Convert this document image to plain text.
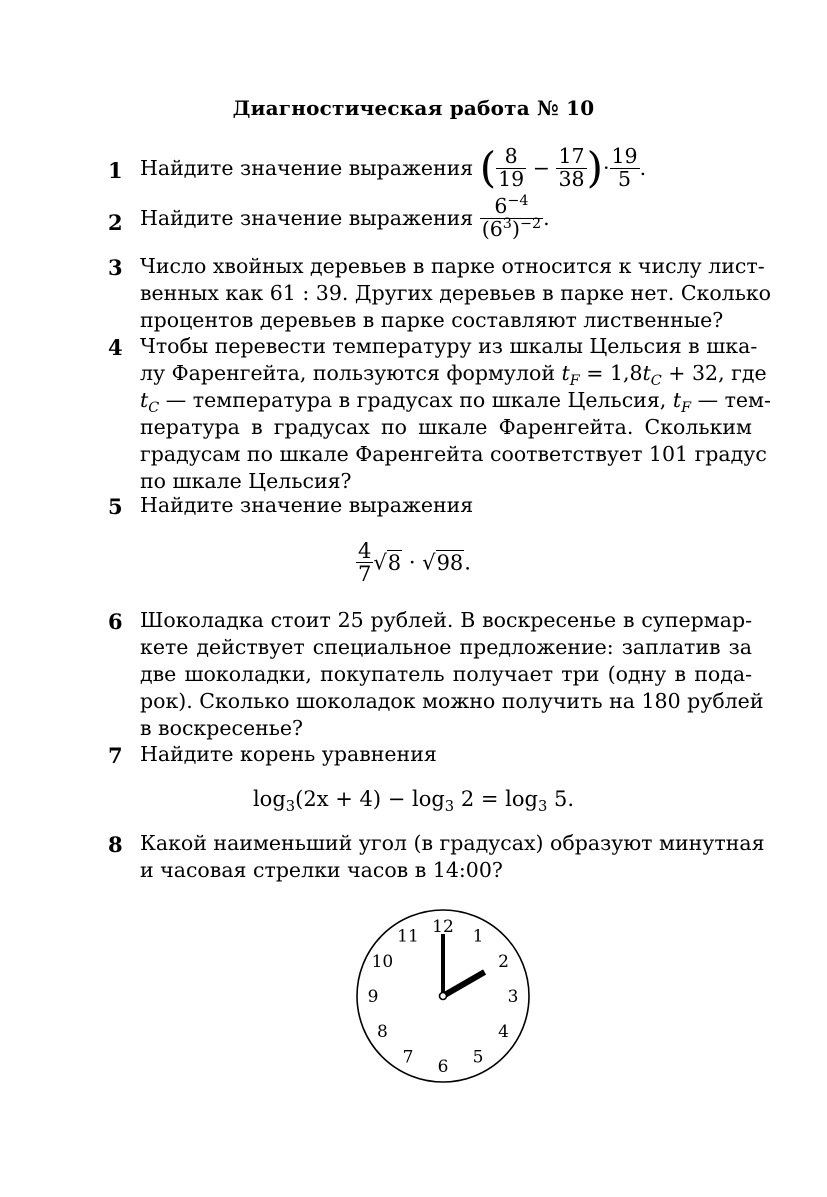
Диагностическая работа № 10
1 Найдите значение выражения ( $\frac{8}{19} - \frac{17}{38}$ )· $\frac{19}{5}$ .
2 Найдите значение выражения $\frac{6^{-4}}{(6^3)^{-2}}$ .
3 Число хвойных деревьев в парке относится к числу лист-
венных как 61 : 39. Других деревьев в парке нет. Сколько
процентов деревьев в парке составляют лиственные?
4 Чтобы перевести температуру из шкалы Цельсия в шка-
лу Фаренгейта, пользуются формулой $t_F = 1,8t_C + 32$, где
$t_C$ — температура в градусах по шкале Цельсия, $t_F$ — тем-
пература в градусах по шкале Фаренгейта. Скольким
градусам по шкале Фаренгейта соответствует 101 градус
по шкале Цельсия?
5 Найдите значение выражения
$\frac{4}{7} √8 \cdot √98$.
6 Шоколадка стоит 25 рублей. В воскресенье в супермар-
кете действует специальное предложение: заплатив за
две шоколадки, покупатель получает три (одну в пода-
рок). Сколько шоколадок можно получить на 180 рублей
в воскресенье?
7 Найдите корень уравнения
$\log_3(2x + 4) - \log_3 2 = \log_3 5$.
8 Какой наименьший угол (в градусах) образуют минутная
и часовая стрелки часов в 14:00?
12 1
2
3
4
5
6
7
8
9
10
11
